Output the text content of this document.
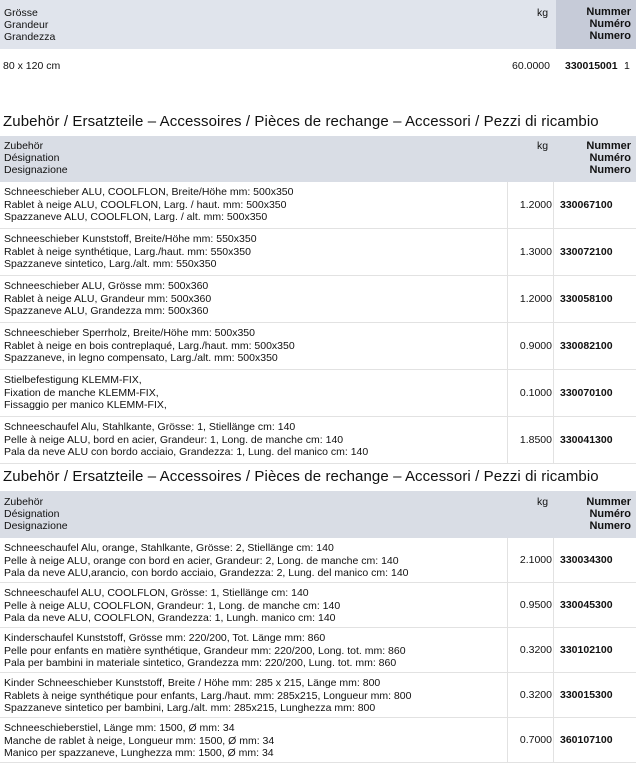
Grösse
Grandeur
Grandezza
kg	Nummer
Numéro
Numero
80 x 120 cm	60.0000 330015001 1
Zubehör / Ersatzteile – Accessoires / Pièces de rechange – Accessori / Pezzi di ricambio
Zubehör
Désignation
Designazione
kg	Nummer
Numéro
Numero
Schneeschieber ALU, COOLFLON, Breite/Höhe mm: 500x350
Rablet à neige ALU, COOLFLON, Larg. / haut. mm: 500x350
Spazzaneve ALU, COOLFLON, Larg. / alt. mm: 500x350
1.2000 330067100
Schneeschieber Kunststoff, Breite/Höhe mm: 550x350
Rablet à neige synthétique, Larg./haut. mm: 550x350
Spazzaneve sintetico, Larg./alt. mm: 550x350
1.3000 330072100
Schneeschieber ALU, Grösse mm: 500x360
Rablet à neige ALU, Grandeur mm: 500x360
Spazzaneve ALU, Grandezza mm: 500x360
1.2000 330058100
Schneeschieber Sperrholz, Breite/Höhe mm: 500x350
Rablet à neige en bois contreplaqué, Larg./haut. mm: 500x350
Spazzaneve, in legno compensato, Larg./alt. mm: 500x350
0.9000 330082100
Stielbefestigung KLEMM-FIX,
Fixation de manche KLEMM-FIX,
Fissaggio per manico KLEMM-FIX,
0.1000 330070100
Schneeschaufel Alu, Stahlkante, Grösse: 1, Stiellänge cm: 140
Pelle à neige ALU, bord en acier, Grandeur: 1, Long. de manche cm: 140
Pala da neve ALU con bordo acciaio, Grandezza: 1, Lung. del manico cm: 140
1.8500 330041300
Zubehör / Ersatzteile – Accessoires / Pièces de rechange – Accessori / Pezzi di ricambio
Zubehör
Désignation
Designazione
kg	Nummer
Numéro
Numero
Schneeschaufel Alu, orange, Stahlkante, Grösse: 2, Stiellänge cm: 140
Pelle à neige ALU, orange con bord en acier, Grandeur: 2, Long. de manche cm: 140
Pala da neve ALU,arancio, con bordo acciaio, Grandezza: 2, Lung. del manico cm: 140
2.1000 330034300
Schneeschaufel ALU, COOLFLON, Grösse: 1, Stiellänge cm: 140
Pelle à neige ALU, COOLFLON, Grandeur: 1, Long. de manche cm: 140
Pala da neve ALU, COOLFLON, Grandezza: 1, Lungh. manico cm: 140
0.9500 330045300
Kinderschaufel Kunststoff, Grösse mm: 220/200, Tot. Länge mm: 860
Pelle pour enfants en matière synthétique, Grandeur mm: 220/200, Long. tot. mm: 860
Pala per bambini in materiale sintetico, Grandezza mm: 220/200, Lung. tot. mm: 860
0.3200 330102100
Kinder Schneeschieber Kunststoff, Breite / Höhe mm: 285 x 215, Länge mm: 800
Rablets à neige synthétique pour enfants, Larg./haut. mm: 285x215, Longueur mm: 800
Spazzaneve sintetico per bambini, Larg./alt. mm: 285x215, Lunghezza mm: 800
0.3200 330015300
Schneeschieberstiel, Länge mm: 1500, Ø mm: 34
Manche de rablet à neige, Longueur mm: 1500, Ø mm: 34
Manico per spazzaneve, Lunghezza mm: 1500, Ø mm: 34
0.7000 360107100
